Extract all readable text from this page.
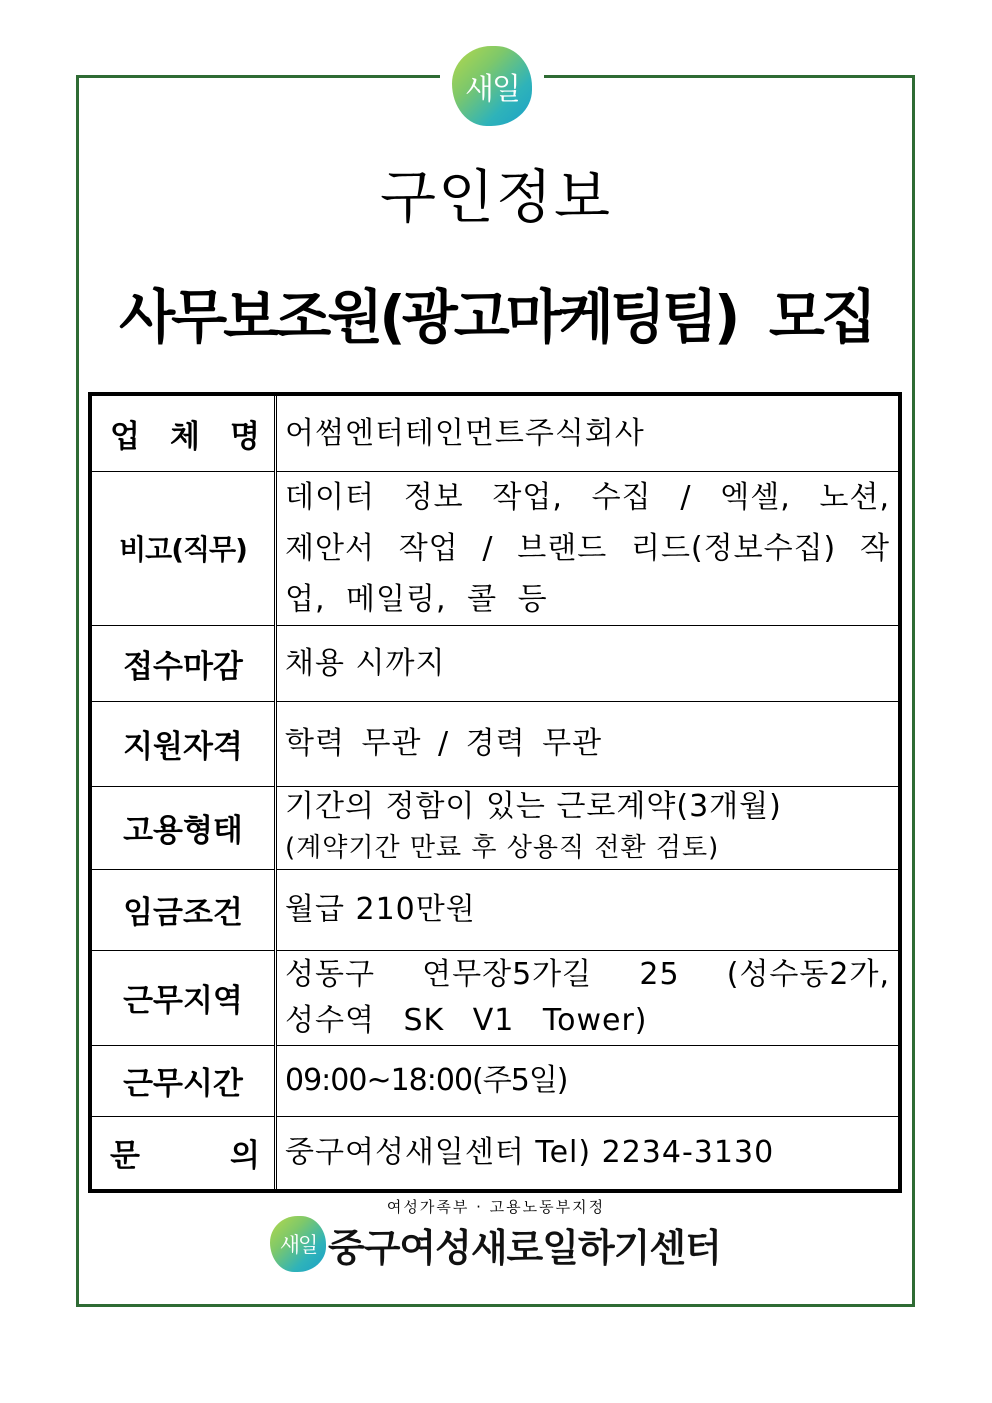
새일
구인정보
사무보조원(광고마케팅팀)  모집
업 체 명	어썸엔터테인먼트주식회사
비고(직무)	데이터 정보 작업, 수집 / 엑셀, 노션, 제안서 작업 / 브랜드 리드(정보수집) 작업, 메일링, 콜 등
접수마감	채용 시까지
지원자격	학력 무관 / 경력 무관
고용형태	기간의 정함이 있는 근로계약(3개월)
(계약기간 만료 후 상용직 전환 검토)

임금조건	월급 210만원
근무지역	성동구 연무장5가길 25 (성수동2가, 성수역 SK V1 Tower)
근무시간	09:00~18:00(주5일)
문 의	중구여성새일센터 Tel) 2234-3130
여성가족부 · 고용노동부지정
새일 중구여성새로일하기센터
